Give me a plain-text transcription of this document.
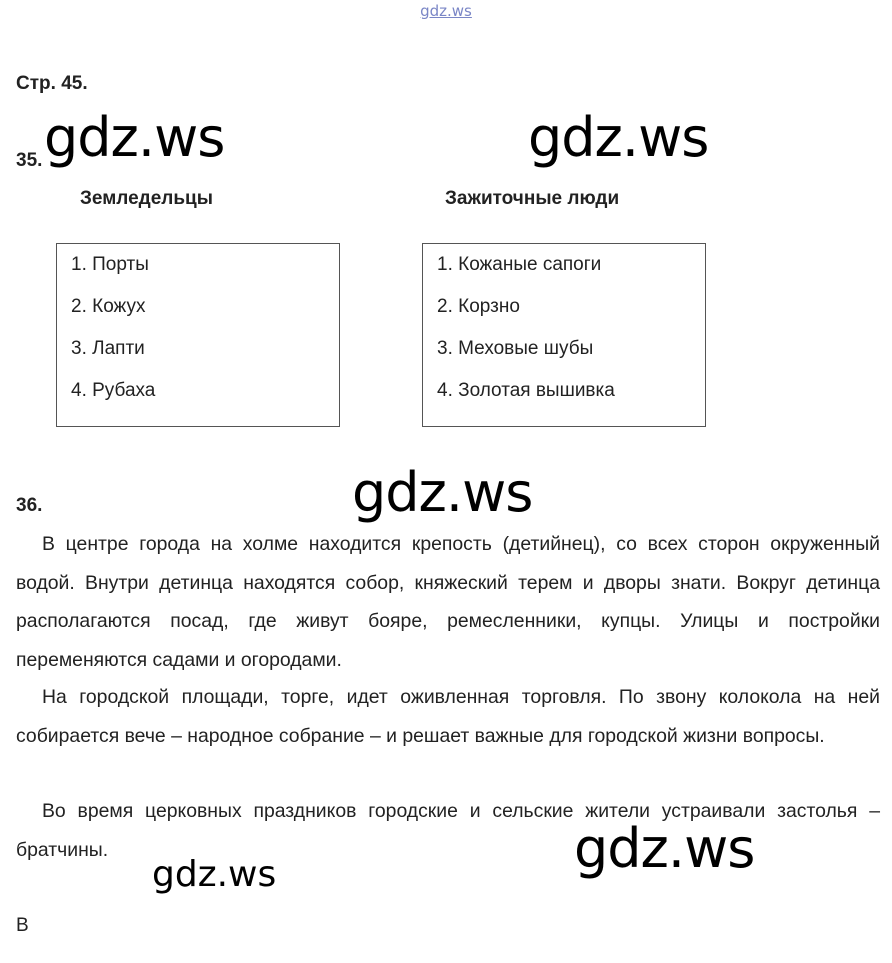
gdz.ws
Стр. 45.
35. gdz.ws	gdz.ws
Земледельцы	Зажиточные люди
1. Порты
2. Кожух
3. Лапти
4. Рубаха
1. Кожаные сапоги
2. Корзно
3. Меховые шубы
4. Золотая вышивка
36.	gdz.ws

В центре города на холме находится крепость (детийнец), со всех сторон окруженный водой. Внутри детинца находятся собор, княжеский терем и дворы знати. Вокруг детинца располагаются посад, где живут бояре, ремесленники, купцы. Улицы и постройки переменяются садами и огородами.

На городской площади, торге, идет оживленная торговля. По звону колокола на ней собирается вече – народное собрание – и решает важные для городской жизни вопросы.

Во время церковных праздников городские и сельские жители устраивали застолья – братчины.	gdz.ws
gdz.ws
В
